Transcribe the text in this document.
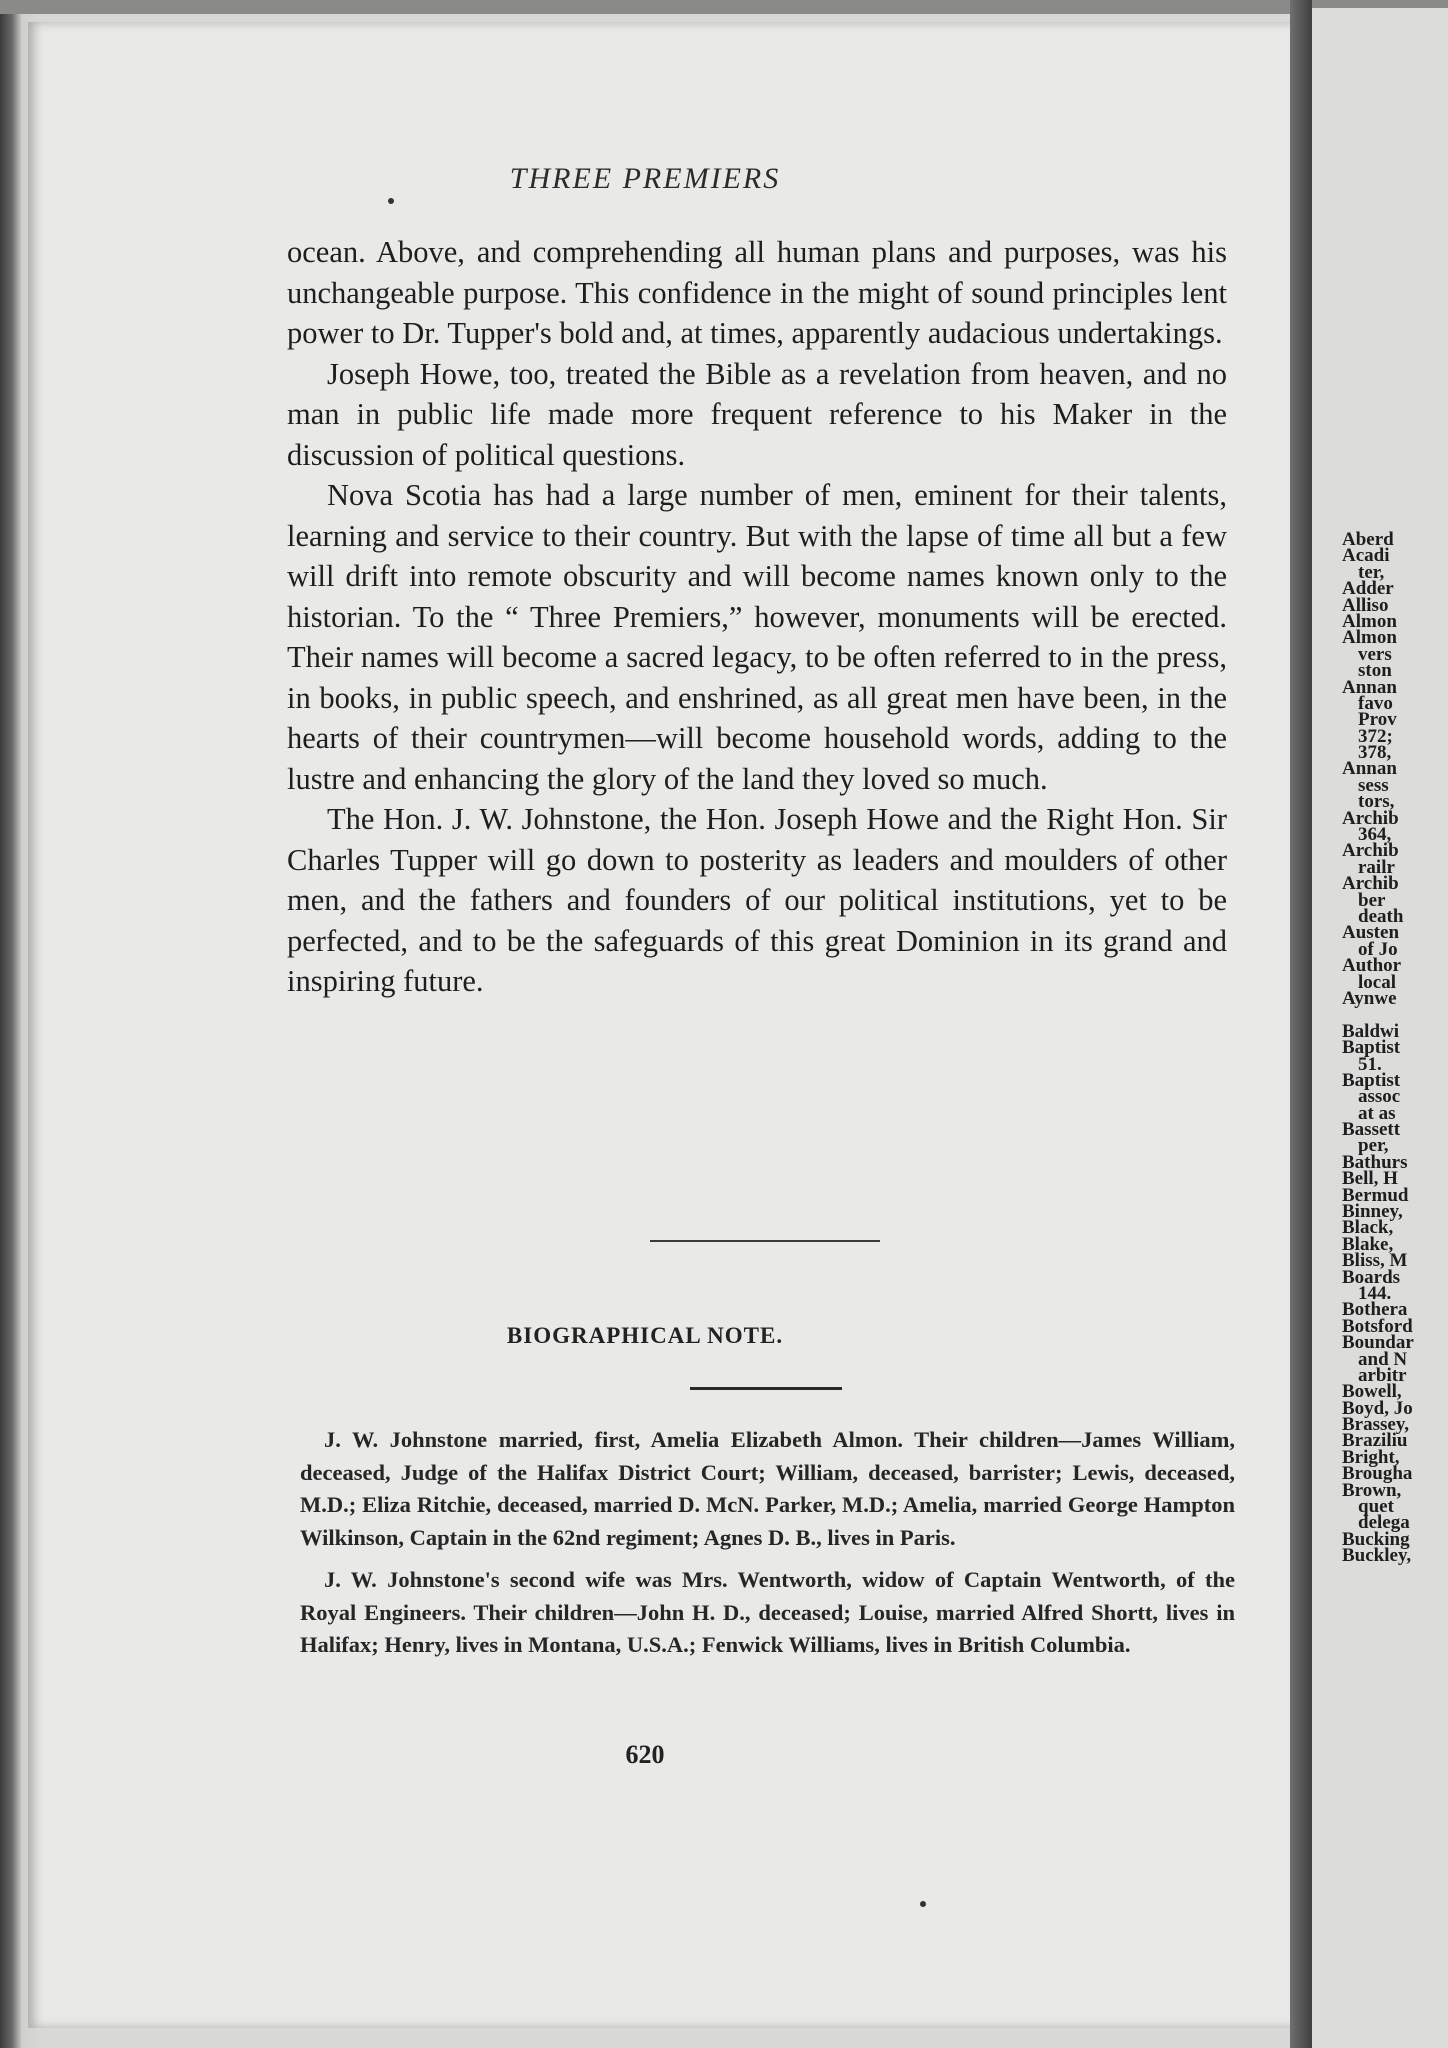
Aberd
Acadi
ter,
Adder
Alliso
Almon
Almon
vers
ston
Annan
favo
Prov
372;
378,
Annan
sess
tors,
Archib
364,
Archib
railr
Archib
ber
death
Austen
of Jo
Author
local
Aynwe
Baldwi
Baptist
51.
Baptist
assoc
at as
Bassett
per,
Bathurs
Bell, H
Bermud
Binney,
Black,
Blake,
Bliss, M
Boards
144.
Bothera
Botsford
Boundar
and N
arbitr
Bowell,
Boyd, Jo
Brassey,
Braziliu
Bright,
Brougha
Brown,
quet
delega
Bucking
Buckley,
THREE PREMIERS

ocean. Above, and comprehending all human plans and purposes, was his unchangeable purpose. This confidence in the might of sound principles lent power to Dr. Tupper's bold and, at times, apparently audacious undertakings.

Joseph Howe, too, treated the Bible as a revelation from heaven, and no man in public life made more frequent reference to his Maker in the discussion of political questions.

Nova Scotia has had a large number of men, eminent for their talents, learning and service to their country. But with the lapse of time all but a few will drift into remote obscurity and will become names known only to the historian. To the “ Three Premiers,” however, monuments will be erected. Their names will become a sacred legacy, to be often referred to in the press, in books, in public speech, and enshrined, as all great men have been, in the hearts of their countrymen—will become household words, adding to the lustre and enhancing the glory of the land they loved so much.

The Hon. J. W. Johnstone, the Hon. Joseph Howe and the Right Hon. Sir Charles Tupper will go down to posterity as leaders and moulders of other men, and the fathers and founders of our political institutions, yet to be perfected, and to be the safeguards of this great Dominion in its grand and inspiring future.

BIOGRAPHICAL NOTE.

J. W. Johnstone married, first, Amelia Elizabeth Almon. Their children—James William, deceased, Judge of the Halifax District Court; William, deceased, barrister; Lewis, deceased, M.D.; Eliza Ritchie, deceased, married D. McN. Parker, M.D.; Amelia, married George Hampton Wilkinson, Captain in the 62nd regiment; Agnes D. B., lives in Paris.

J. W. Johnstone's second wife was Mrs. Wentworth, widow of Captain Wentworth, of the Royal Engineers. Their children—John H. D., deceased; Louise, married Alfred Shortt, lives in Halifax; Henry, lives in Montana, U.S.A.; Fenwick Williams, lives in British Columbia.

620
